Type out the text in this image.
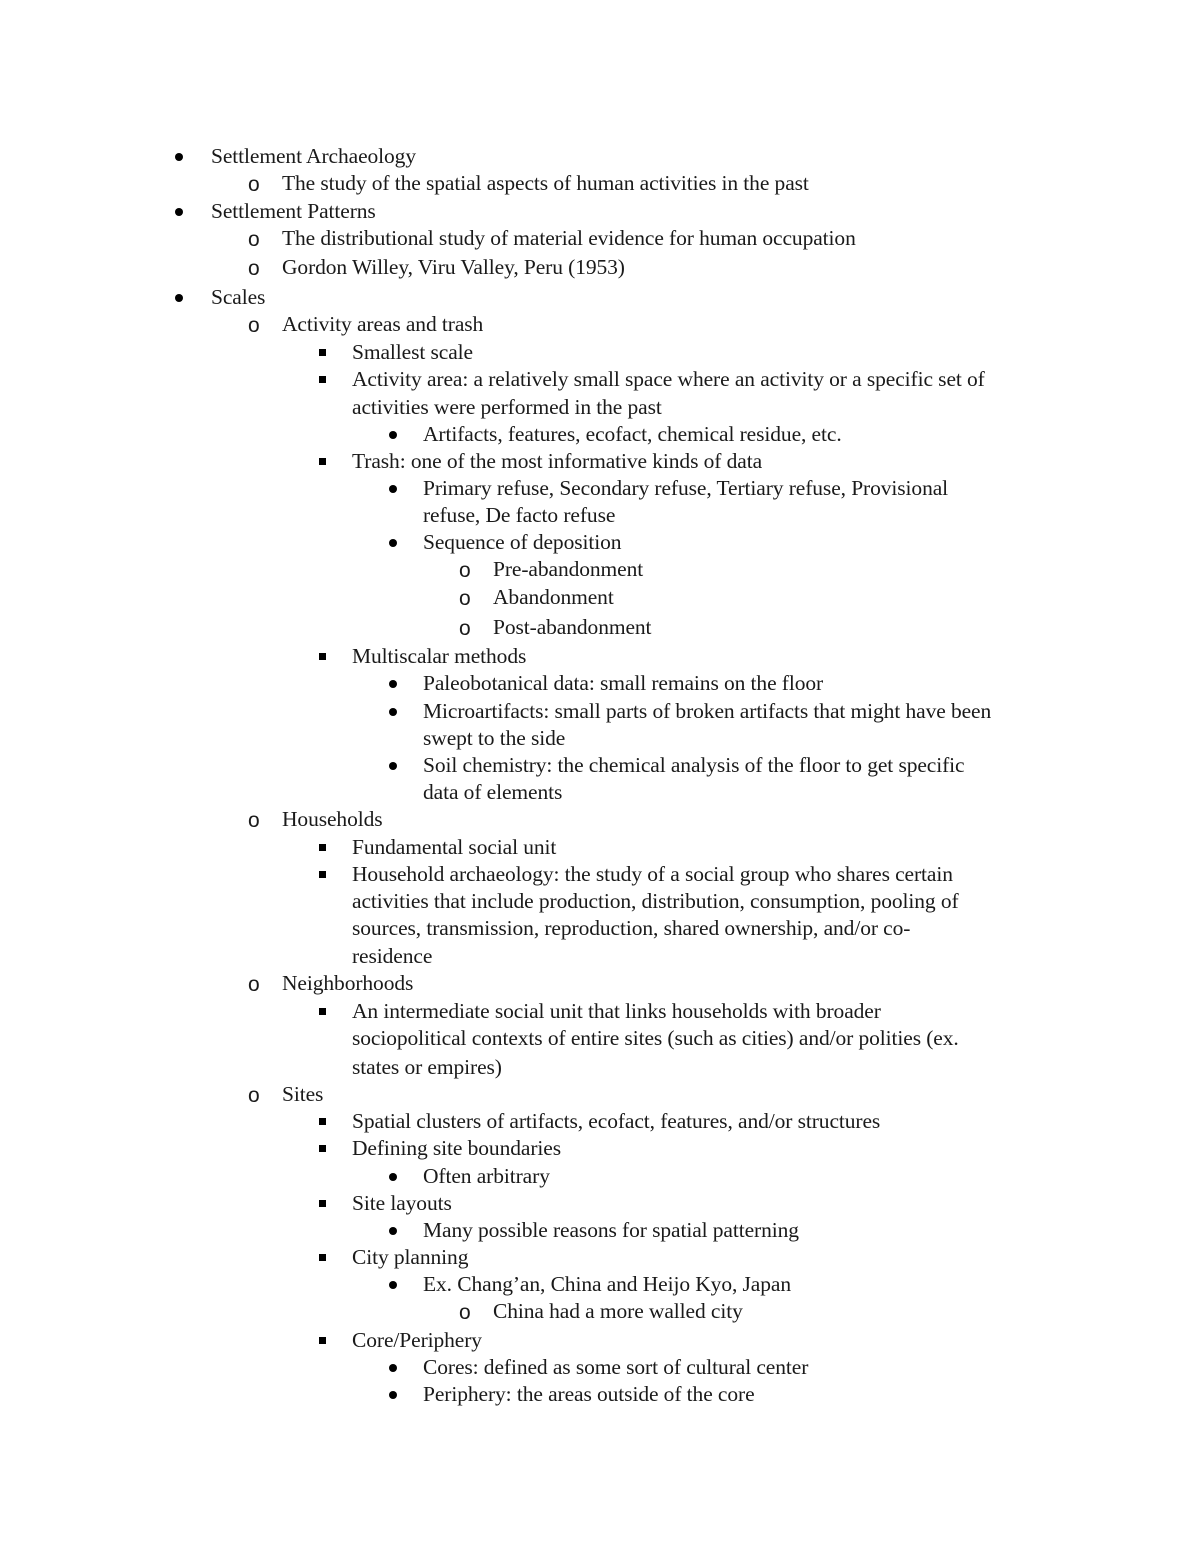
Settlement Archaeology
o The study of the spatial aspects of human activities in the past
Settlement Patterns
o The distributional study of material evidence for human occupation
o Gordon Willey, Viru Valley, Peru (1953)
Scales
o Activity areas and trash
Smallest scale
Activity area: a relatively small space where an activity or a specific set of
activities were performed in the past
Artifacts, features, ecofact, chemical residue, etc.
Trash: one of the most informative kinds of data
Primary refuse, Secondary refuse, Tertiary refuse, Provisional
refuse, De facto refuse
Sequence of deposition
o Pre-abandonment
o Abandonment
o Post-abandonment
Multiscalar methods
Paleobotanical data: small remains on the floor
Microartifacts: small parts of broken artifacts that might have been
swept to the side
Soil chemistry: the chemical analysis of the floor to get specific
data of elements
o Households
Fundamental social unit
Household archaeology: the study of a social group who shares certain
activities that include production, distribution, consumption, pooling of
sources, transmission, reproduction, shared ownership, and/or co-
residence
o Neighborhoods
An intermediate social unit that links households with broader
sociopolitical contexts of entire sites (such as cities) and/or polities (ex.
states or empires)
o Sites
Spatial clusters of artifacts, ecofact, features, and/or structures
Defining site boundaries
Often arbitrary
Site layouts
Many possible reasons for spatial patterning
City planning
Ex. Chang’an, China and Heijo Kyo, Japan
o China had a more walled city
Core/Periphery
Cores: defined as some sort of cultural center
Periphery: the areas outside of the core
